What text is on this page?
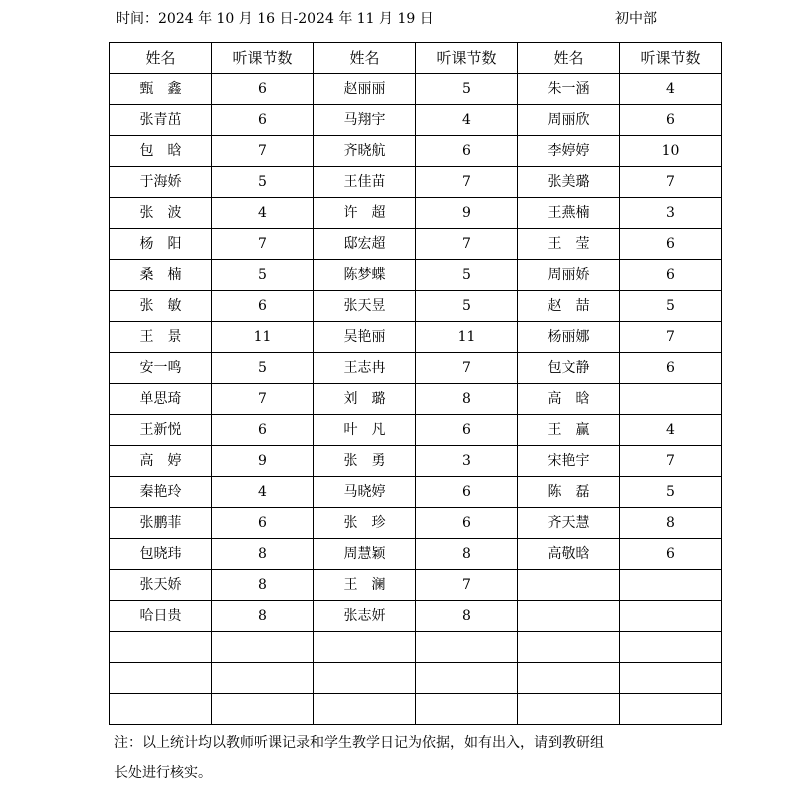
时间：2024 年 10 月 16 日-2024 年 11 月 19 日	初中部
姓名	听课节数	姓名	听课节数	姓名	听课节数
甄　鑫	6	赵丽丽	5	朱一涵	4
张青茁	6	马翔宇	4	周丽欣	6
包　晗	7	齐晓航	6	李婷婷	10
于海娇	5	王佳苗	7	张美璐	7
张　波	4	许　超	9	王燕楠	3
杨　阳	7	邸宏超	7	王　莹	6
桑　楠	5	陈梦蝶	5	周丽娇	6
张　敏	6	张天昱	5	赵　喆	5
王　景	11	吴艳丽	11	杨丽娜	7
安一鸣	5	王志冉	7	包文静	6
单思琦	7	刘　璐	8	高　晗	
王新悦	6	叶　凡	6	王　赢	4
高　婷	9	张　勇	3	宋艳宇	7
秦艳玲	4	马晓婷	6	陈　磊	5
张鹏菲	6	张　珍	6	齐天慧	8
包晓玮	8	周慧颖	8	高敬晗	6
张天娇	8	王　澜	7		
哈日贵	8	张志妍	8		

注：以上统计均以教师听课记录和学生教学日记为依据，如有出入，请到教研组
长处进行核实。
